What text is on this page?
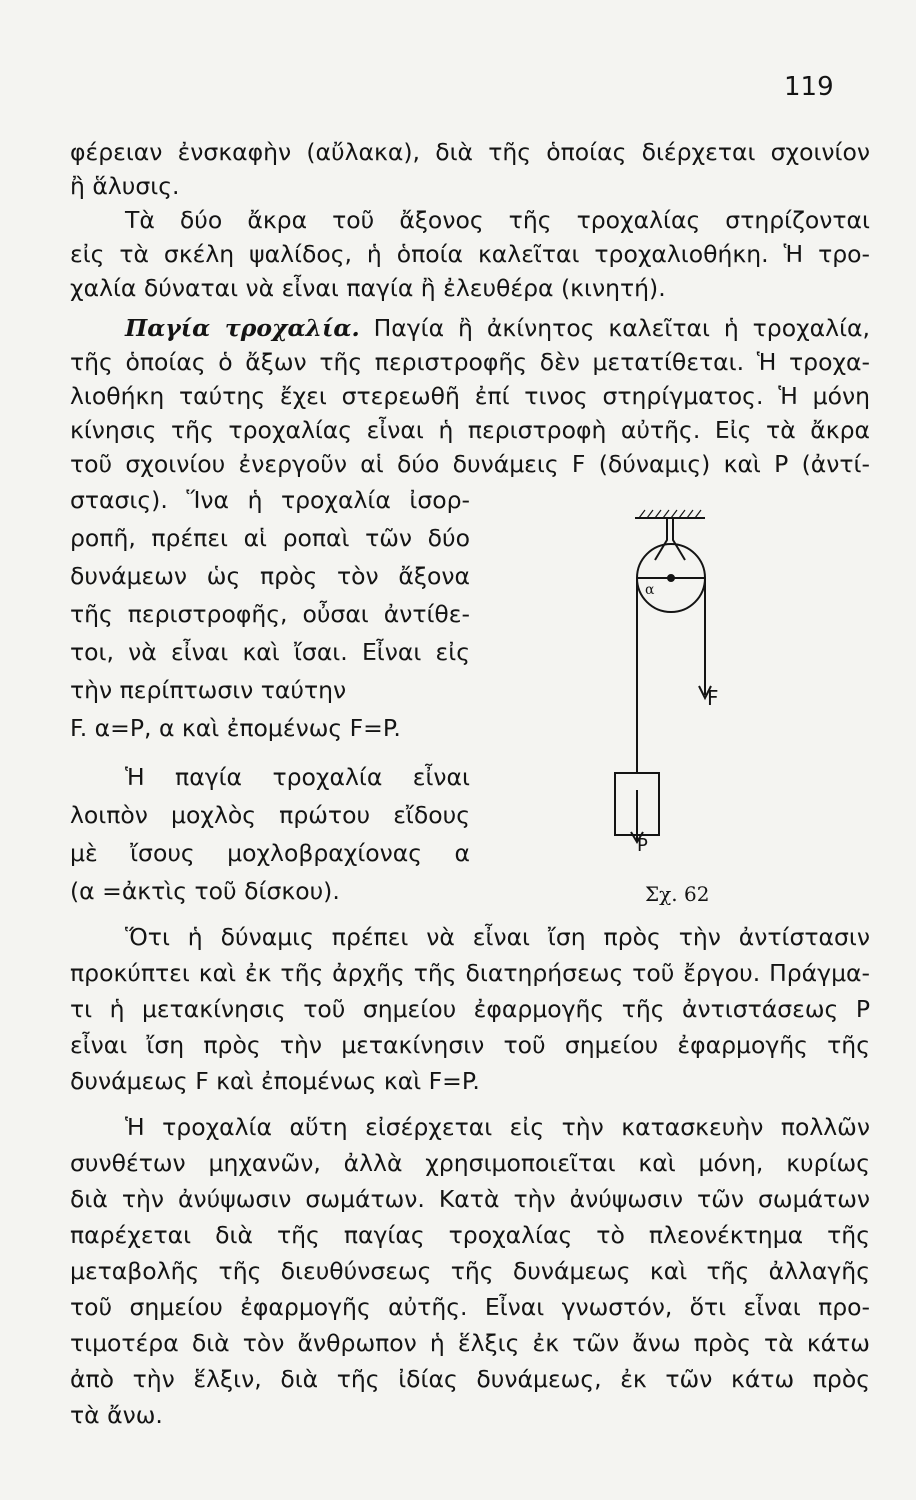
119

φέρειαν ἐνσκαφὴν (αὔλακα), διὰ τῆς ὁποίας διέρχεται σχοινίον

ἢ ἅλυσις.

Τὰ δύο ἄκρα τοῦ ἄξονος τῆς τροχαλίας στηρίζονται

εἰς τὰ σκέλη ψαλίδος, ἡ ὁποία καλεῖται τροχαλιοθήκη. Ἡ τρο-

χαλία δύναται νὰ εἶναι παγία ἢ ἐλευθέρα (κινητή).

Παγία τροχαλία. Παγία ἢ ἀκίνητος καλεῖται ἡ τροχαλία,

τῆς ὁποίας ὁ ἄξων τῆς περιστροφῆς δὲν μετατίθεται. Ἡ τροχα-

λιοθήκη ταύτης ἔχει στερεωθῆ ἐπί τινος στηρίγματος. Ἡ μόνη

κίνησις τῆς τροχαλίας εἶναι ἡ περιστροφὴ αὐτῆς. Εἰς τὰ ἄκρα

τοῦ σχοινίου ἐνεργοῦν αἱ δύο δυνάμεις F (δύναμις) καὶ P (ἀντί-

στασις). Ἵνα ἡ τροχαλία ἰσορ-

ροπῆ, πρέπει αἱ ροπαὶ τῶν δύο

δυνάμεων ὡς πρὸς τὸν ἄξονα

τῆς περιστροφῆς, οὖσαι ἀντίθε-

τοι, νὰ εἶναι καὶ ἴσαι. Εἶναι εἰς

τὴν περίπτωσιν ταύτην

F. α=P, α καὶ ἐπομένως F=P.

Ἡ παγία τροχαλία εἶναι

λοιπὸν μοχλὸς πρώτου εἴδους

μὲ ἴσους μοχλοβραχίονας α

(α =ἀκτὶς τοῦ δίσκου).

Ὅτι ἡ δύναμις πρέπει νὰ εἶναι ἴση πρὸς τὴν ἀντίστασιν

προκύπτει καὶ ἐκ τῆς ἀρχῆς τῆς διατηρήσεως τοῦ ἔργου. Πράγμα-

τι ἡ μετακίνησις τοῦ σημείου ἐφαρμογῆς τῆς ἀντιστάσεως P

εἶναι ἴση πρὸς τὴν μετακίνησιν τοῦ σημείου ἐφαρμογῆς τῆς

δυνάμεως F καὶ ἐπομένως καὶ F=P.

Ἡ τροχαλία αὕτη εἰσέρχεται εἰς τὴν κατασκευὴν πολλῶν

συνθέτων μηχανῶν, ἀλλὰ χρησιμοποιεῖται καὶ μόνη, κυρίως

διὰ τὴν ἀνύψωσιν σωμάτων. Κατὰ τὴν ἀνύψωσιν τῶν σωμάτων

παρέχεται διὰ τῆς παγίας τροχαλίας τὸ πλεονέκτημα τῆς

μεταβολῆς τῆς διευθύνσεως τῆς δυνάμεως καὶ τῆς ἀλλαγῆς

τοῦ σημείου ἐφαρμογῆς αὐτῆς. Εἶναι γνωστόν, ὅτι εἶναι προ-

τιμοτέρα διὰ τὸν ἄνθρωπον ἡ ἕλξις ἐκ τῶν ἄνω πρὸς τὰ κάτω

ἀπὸ τὴν ἕλξιν, διὰ τῆς ἰδίας δυνάμεως, ἐκ τῶν κάτω πρὸς

τὰ ἄνω.

α
F
P
Σχ. 62
